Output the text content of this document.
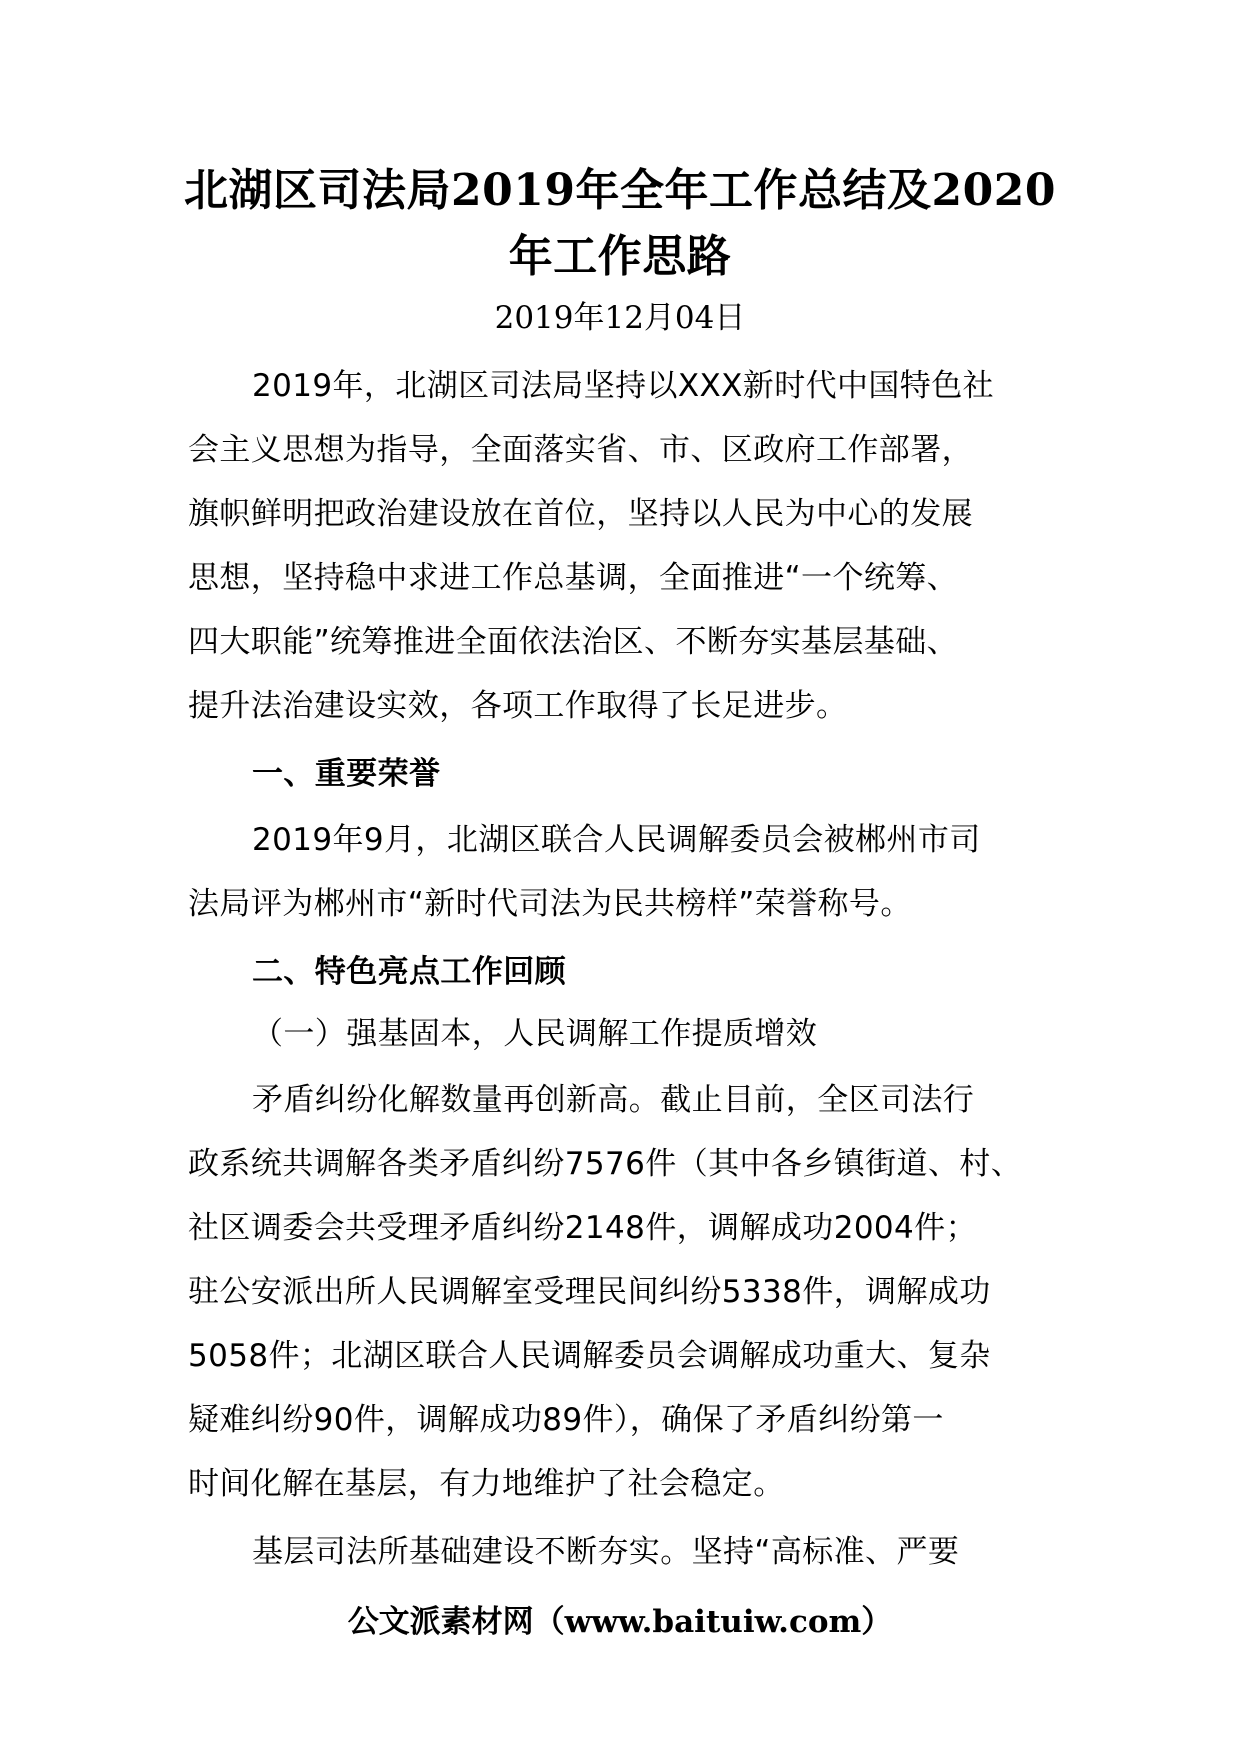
北湖区司法局2019年全年工作总结及2020
年工作思路
2019年12月04日
2019年，北湖区司法局坚持以XXX新时代中国特色社
会主义思想为指导，全面落实省、市、区政府工作部署，
旗帜鲜明把政治建设放在首位，坚持以人民为中心的发展
思想，坚持稳中求进工作总基调，全面推进“一个统筹、
四大职能”统筹推进全面依法治区、不断夯实基层基础、
提升法治建设实效，各项工作取得了长足进步。
一、重要荣誉
2019年9月，北湖区联合人民调解委员会被郴州市司
法局评为郴州市“新时代司法为民共榜样”荣誉称号。
二、特色亮点工作回顾
（一）强基固本，人民调解工作提质增效
矛盾纠纷化解数量再创新高。截止目前，全区司法行
政系统共调解各类矛盾纠纷7576件（其中各乡镇街道、村、
社区调委会共受理矛盾纠纷2148件，调解成功2004件；
驻公安派出所人民调解室受理民间纠纷5338件，调解成功
5058件；北湖区联合人民调解委员会调解成功重大、复杂
疑难纠纷90件，调解成功89件），确保了矛盾纠纷第一
时间化解在基层，有力地维护了社会稳定。
基层司法所基础建设不断夯实。坚持“高标准、严要
公文派素材网（www.baituiw.com）
